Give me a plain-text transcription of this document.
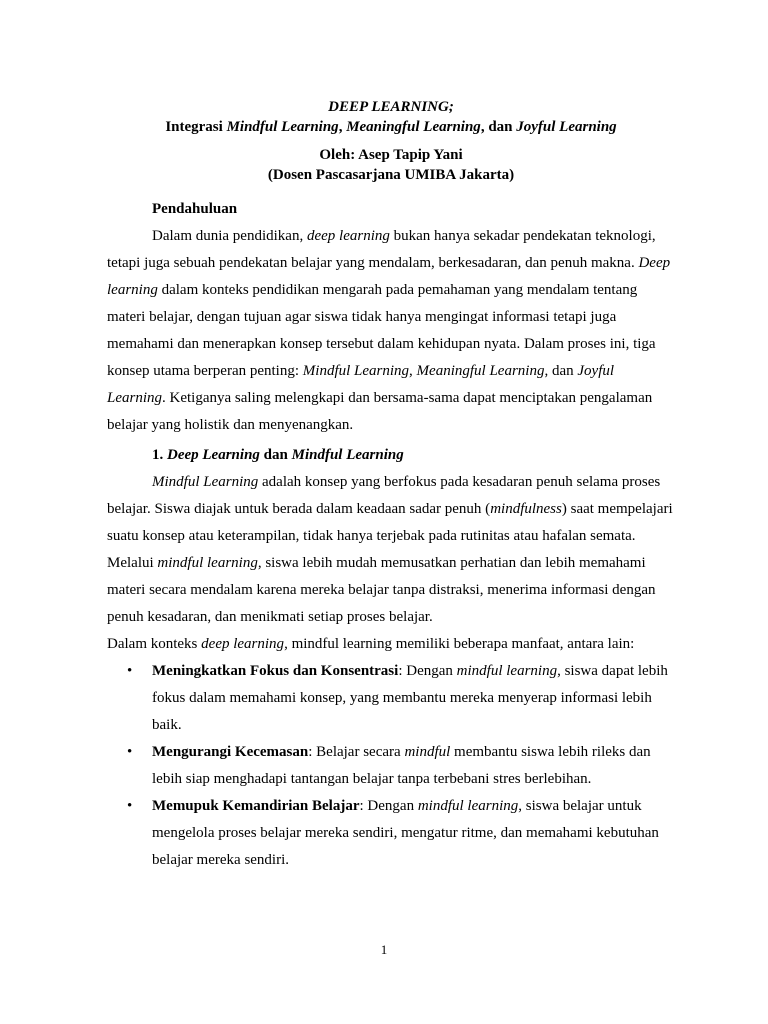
DEEP LEARNING;
Integrasi Mindful Learning, Meaningful Learning, dan Joyful Learning
Oleh: Asep Tapip Yani
(Dosen Pascasarjana UMIBA Jakarta)
Pendahuluan
Dalam dunia pendidikan, deep learning bukan hanya sekadar pendekatan teknologi, tetapi juga sebuah pendekatan belajar yang mendalam, berkesadaran, dan penuh makna. Deep learning dalam konteks pendidikan mengarah pada pemahaman yang mendalam tentang materi belajar, dengan tujuan agar siswa tidak hanya mengingat informasi tetapi juga memahami dan menerapkan konsep tersebut dalam kehidupan nyata. Dalam proses ini, tiga konsep utama berperan penting: Mindful Learning, Meaningful Learning, dan Joyful Learning. Ketiganya saling melengkapi dan bersama-sama dapat menciptakan pengalaman belajar yang holistik dan menyenangkan.
1. Deep Learning dan Mindful Learning
Mindful Learning adalah konsep yang berfokus pada kesadaran penuh selama proses belajar. Siswa diajak untuk berada dalam keadaan sadar penuh (mindfulness) saat mempelajari suatu konsep atau keterampilan, tidak hanya terjebak pada rutinitas atau hafalan semata. Melalui mindful learning, siswa lebih mudah memusatkan perhatian dan lebih memahami materi secara mendalam karena mereka belajar tanpa distraksi, menerima informasi dengan penuh kesadaran, dan menikmati setiap proses belajar.
Dalam konteks deep learning, mindful learning memiliki beberapa manfaat, antara lain:
• Meningkatkan Fokus dan Konsentrasi: Dengan mindful learning, siswa dapat lebih fokus dalam memahami konsep, yang membantu mereka menyerap informasi lebih baik.
• Mengurangi Kecemasan: Belajar secara mindful membantu siswa lebih rileks dan lebih siap menghadapi tantangan belajar tanpa terbebani stres berlebihan.
• Memupuk Kemandirian Belajar: Dengan mindful learning, siswa belajar untuk mengelola proses belajar mereka sendiri, mengatur ritme, dan memahami kebutuhan belajar mereka sendiri.
1
